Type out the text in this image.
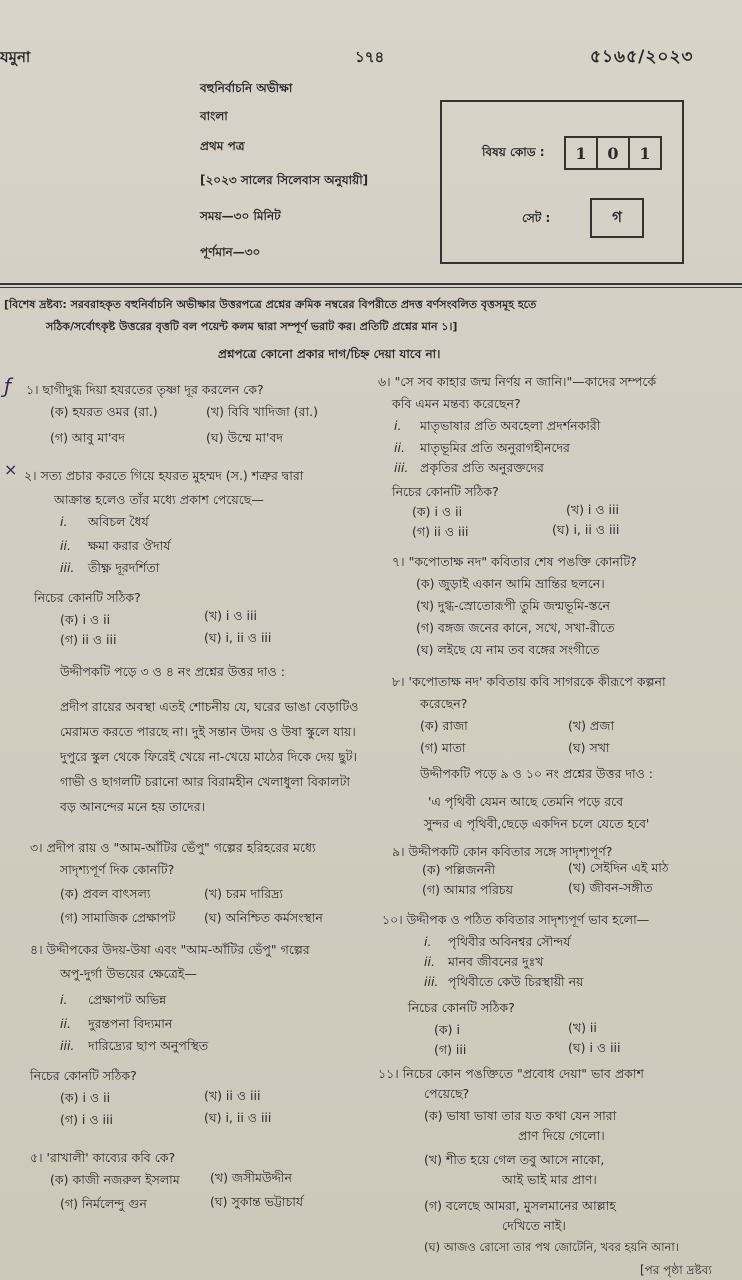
যমুনা	১৭৪	৫১৬৫/২০২৩
বহুনির্বাচনি অভীক্ষা
বাংলা
প্রথম পত্র
[২০২৩ সালের সিলেবাস অনুযায়ী]
সময়—৩০ মিনিট
পূর্ণমান—৩০
বিষয় কোড :	1	0	1
সেট :	গ
[বিশেষ দ্রষ্টব্য: সরবরাহকৃত বহুনির্বাচনি অভীক্ষার উত্তরপত্রে প্রশ্নের ক্রমিক নম্বরের বিপরীতে প্রদত্ত বর্ণসংবলিত বৃত্তসমূহ হতে
সঠিক/সর্বোৎকৃষ্ট উত্তরের বৃত্তটি বল পয়েন্ট কলম দ্বারা সম্পূর্ণ ভরাট কর। প্রতিটি প্রশ্নের মান ১।]
প্রশ্নপত্রে কোনো প্রকার দাগ/চিহ্ন দেয়া যাবে না।
ƒ ১। ছাগীদুগ্ধ দিয়া হযরতের তৃষ্ণা দূর করলেন কে?
(ক) হযরত ওমর (রা.)	(খ) বিবি খাদিজা (রা.)
(গ) আবু মা'বদ	(ঘ) উম্মে মা'বদ
× ২। সত্য প্রচার করতে গিয়ে হযরত মুহম্মদ (স.) শত্রুর দ্বারা
আক্রান্ত হলেও তাঁর মধ্যে প্রকাশ পেয়েছে—
i. অবিচল ধৈর্য
ii. ক্ষমা করার ঔদার্য
iii. তীক্ষ্ণ দূরদর্শিতা
নিচের কোনটি সঠিক?
(ক) i ও ii	(খ) i ও iii
(গ) ii ও iii	(ঘ) i, ii ও iii
উদ্দীপকটি পড়ে ৩ ও ৪ নং প্রশ্নের উত্তর দাও :
প্রদীপ রায়ের অবস্থা এতই শোচনীয় যে, ঘরের ভাঙা বেড়াটিও মেরামত করতে পারছে না। দুই সন্তান উদয় ও উষা স্কুলে যায়। দুপুরে স্কুল থেকে ফিরেই খেয়ে না-খেয়ে মাঠের দিকে দেয় ছুট। গাভী ও ছাগলটি চরানো আর বিরামহীন খেলাধুলা বিকালটা বড় আনন্দের মনে হয় তাদের।
৩। প্রদীপ রায় ও "আম-আঁটির ভেঁপু" গল্পের হরিহরের মধ্যে
সাদৃশ্যপূর্ণ দিক কোনটি?
(ক) প্রবল বাৎসল্য	(খ) চরম দারিদ্র্য
(গ) সামাজিক প্রেক্ষাপট (ঘ) অনিশ্চিত কর্মসংস্থান
৪। উদ্দীপকের উদয়-উষা এবং "আম-আঁটির ভেঁপু" গল্পের
অপু-দুর্গা উভয়ের ক্ষেত্রেই—
i. প্রেক্ষাপট অভিন্ন
ii. দুরন্তপনা বিদ্যমান
iii. দারিদ্র্যের ছাপ অনুপস্থিত
নিচের কোনটি সঠিক?
(ক) i ও ii	(খ) ii ও iii
(গ) i ও iii	(ঘ) i, ii ও iii
৫। 'রাখালী' কাব্যের কবি কে?
(ক) কাজী নজরুল ইসলাম (খ) জসীমউদ্দীন
(গ) নির্মলেন্দু গুন	(ঘ) সুকান্ত ভট্টাচার্য
৬। "সে সব কাহার জন্ম নির্ণয় ন জানি।"—কাদের সম্পর্কে
কবি এমন মন্তব্য করেছেন?
i. মাতৃভাষার প্রতি অবহেলা প্রদর্শনকারী
ii. মাতৃভূমির প্রতি অনুরাগহীনদের
iii. প্রকৃতির প্রতি অনুরক্তদের
নিচের কোনটি সঠিক?
(ক) i ও ii	(খ) i ও iii
(গ) ii ও iii	(ঘ) i, ii ও iii
৭। "কপোতাক্ষ নদ" কবিতার শেষ পঙক্তি কোনটি?
(ক) জুড়াই একান আমি ভ্রান্তির ছলনে।
(খ) দুগ্ধ-স্রোতোরূপী তুমি জন্মভূমি-স্তনে
(গ) বঙ্গজ জনের কানে, সখে, সখা-রীতে
(ঘ) লইছে যে নাম তব বঙ্গের সংগীতে
৮। 'কপোতাক্ষ নদ' কবিতায় কবি সাগরকে কীরূপে কল্পনা
করেছেন?
(ক) রাজা	(খ) প্রজা
(গ) মাতা	(ঘ) সখা
উদ্দীপকটি পড়ে ৯ ও ১০ নং প্রশ্নের উত্তর দাও :
'এ পৃথিবী যেমন আছে তেমনি পড়ে রবে
সুন্দর এ পৃথিবী,ছেড়ে একদিন চলে যেতে হবে'
৯। উদ্দীপকটি কোন কবিতার সঙ্গে সাদৃশ্যপূর্ণ?
(ক) পল্লিজননী	(খ) সেইদিন এই মাঠ
(গ) আমার পরিচয়	(ঘ) জীবন-সঙ্গীত
১০। উদ্দীপক ও পঠিত কবিতার সাদৃশ্যপূর্ণ ভাব হলো—
i. পৃথিবীর অবিনশ্বর সৌন্দর্য
ii. মানব জীবনের দুঃখ
iii. পৃথিবীতে কেউ চিরস্থায়ী নয়
নিচের কোনটি সঠিক?
(ক) i	(খ) ii
(গ) iii	(ঘ) i ও iii
১১। নিচের কোন পঙক্তিতে "প্রবোধ দেয়া" ভাব প্রকাশ
পেয়েছে?
(ক) ভাষা ভাষা তার যত কথা যেন সারা
প্রাণ দিয়ে গেলো।
(খ) শীত হয়ে গেল তবু আসে নাকো,
আই ভাই মার প্রাণ।
(গ) বলেছে আমরা, মুসলমানের আল্লাহ
দেখিতে নাই।
(ঘ) আজও রোসো তার পথ জোটেনি, খবর হয়নি আনা।
[পর পৃষ্ঠা দ্রষ্টব্য
